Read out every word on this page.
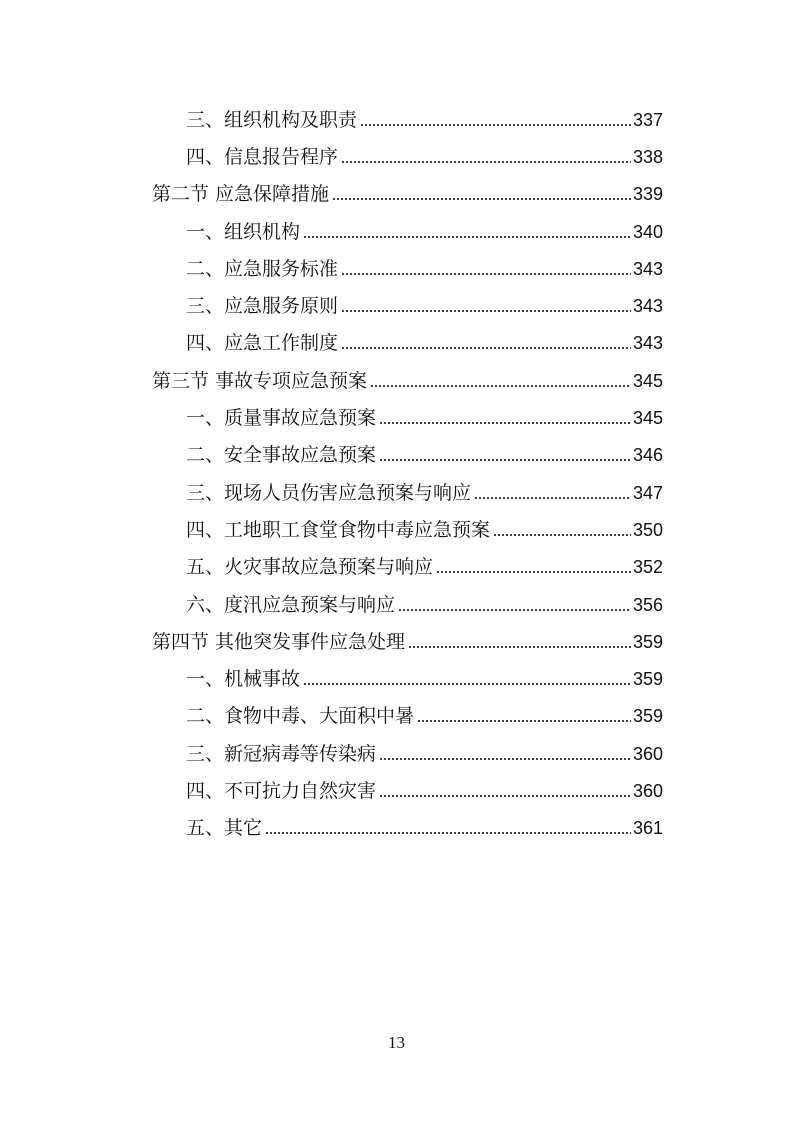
三、组织机构及职责	337
四、信息报告程序	338
第二节 应急保障措施	339
一、组织机构	340
二、应急服务标准	343
三、应急服务原则	343
四、应急工作制度	343
第三节 事故专项应急预案	345
一、质量事故应急预案	345
二、安全事故应急预案	346
三、现场人员伤害应急预案与响应	347
四、工地职工食堂食物中毒应急预案	350
五、火灾事故应急预案与响应	352
六、度汛应急预案与响应	356
第四节 其他突发事件应急处理	359
一、机械事故	359
二、食物中毒、大面积中暑	359
三、新冠病毒等传染病	360
四、不可抗力自然灾害	360
五、其它	361
13
